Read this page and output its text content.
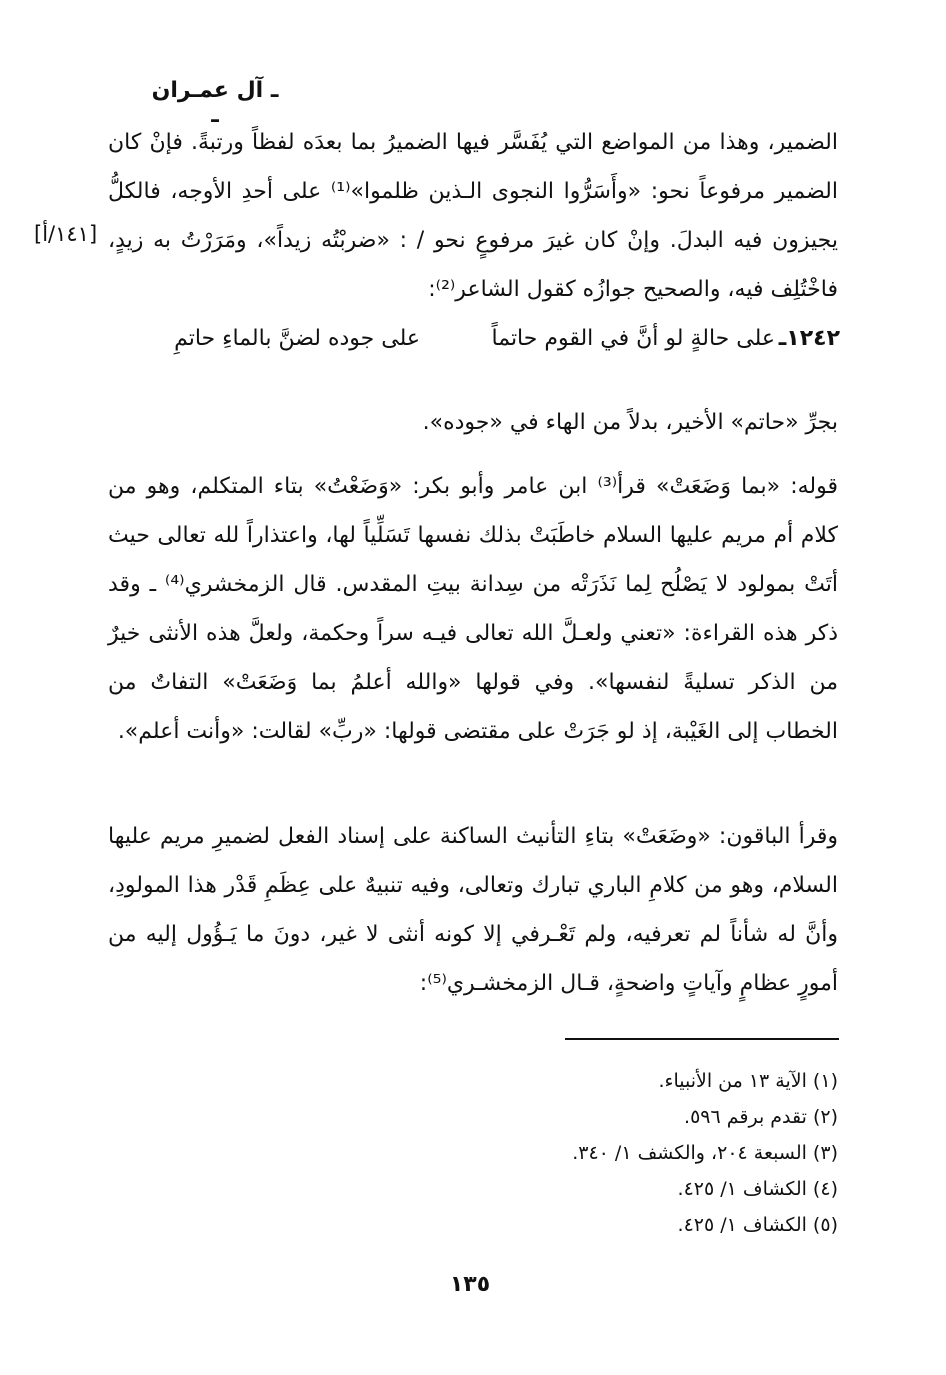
ـ آل عمـران ـ
الضمير، وهذا من المواضع التي يُفَسَّر فيها الضميرُ بما بعدَه لفظاً ورتبةً. فإنْ كان الضمير مرفوعاً نحو: «وأَسَرُّوا النجوى الـذين ظلموا»⁽¹⁾ على أحدِ الأوجه، فالكلُّ يجيزون فيه البدلَ. وإنْ كان غيرَ مرفوعٍ نحو / : «ضربْتُه زيداً»، ومَرَرْتُ به زيدٍ، فاخْتُلِف فيه، والصحيح جوازُه كقول الشاعر⁽²⁾:
[١٤١/أ]
١٢٤٢ـ
على حالةٍ لو أنَّ في القوم حاتماً
على جوده لضنَّ بالماءِ حاتمِ
بجرِّ «حاتم» الأخير، بدلاً من الهاء في «جوده».
قوله: «بما وَضَعَتْ» قرأ⁽³⁾ ابن عامر وأبو بكر: «وَضَعْتُ» بتاء المتكلم، وهو من كلام أم مريم عليها السلام خاطَبَتْ بذلك نفسها تَسَلِّياً لها، واعتذاراً لله تعالى حيث أتَتْ بمولود لا يَصْلُح لِما نَذَرَتْه من سِدانة بيتِ المقدس. قال الزمخشري⁽⁴⁾ ـ وقد ذكر هذه القراءة: «تعني ولعـلَّ الله تعالى فيـه سراً وحكمة، ولعلَّ هذه الأنثى خيرٌ من الذكر تسليةً لنفسها». وفي قولها «والله أعلمُ بما وَضَعَتْ» التفاتٌ من الخطاب إلى الغَيْبة، إذ لو جَرَتْ على مقتضى قولها: «ربِّ» لقالت: «وأنت أعلم».
وقرأ الباقون: «وضَعَتْ» بتاءِ التأنيث الساكنة على إسناد الفعل لضميرِ مريم عليها السلام، وهو من كلامِ الباري تبارك وتعالى، وفيه تنبيهٌ على عِظَمِ قَدْر هذا المولودِ، وأنَّ له شأناً لم تعرفيه، ولم تَعْـرفي إلا كونه أنثى لا غير، دونَ ما يَـؤُول إليه من أمورٍ عظامٍ وآياتٍ واضحةٍ، قـال الزمخشـري⁽⁵⁾:
(١) الآية ١٣ من الأنبياء.
(٢) تقدم برقم ٥٩٦.
(٣) السبعة ٢٠٤، والكشف ١/ ٣٤٠.
(٤) الكشاف ١/ ٤٢٥.
(٥) الكشاف ١/ ٤٢٥.
١٣٥
